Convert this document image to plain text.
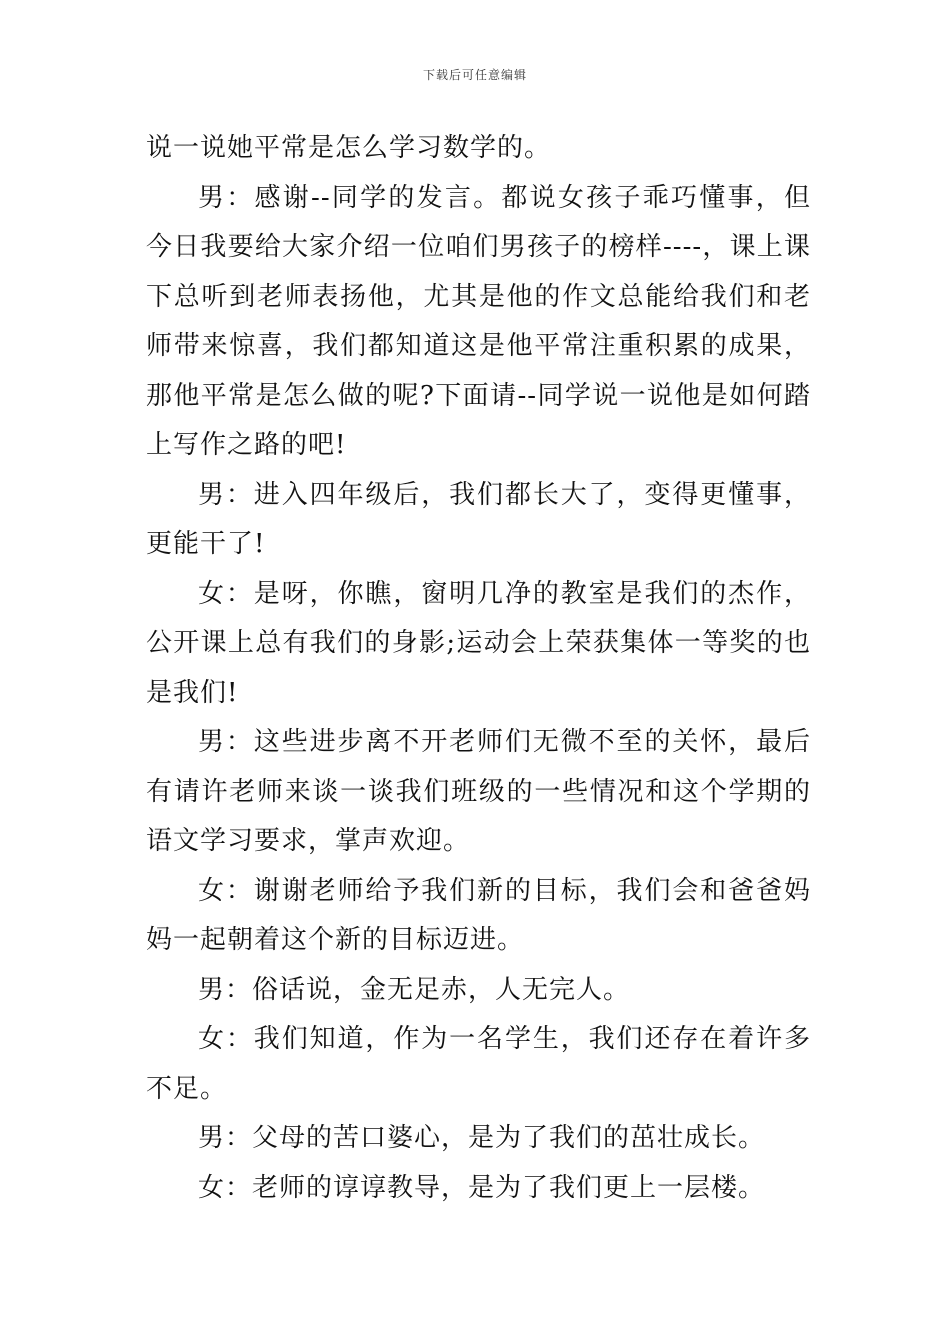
下载后可任意编辑

说一说她平常是怎么学习数学的。

男：感谢--同学的发言。都说女孩子乖巧懂事，但今日我要给大家介绍一位咱们男孩子的榜样----，课上课下总听到老师表扬他，尤其是他的作文总能给我们和老师带来惊喜，我们都知道这是他平常注重积累的成果，那他平常是怎么做的呢?下面请--同学说一说他是如何踏上写作之路的吧!

男：进入四年级后，我们都长大了，变得更懂事，更能干了!

女：是呀，你瞧，窗明几净的教室是我们的杰作，公开课上总有我们的身影;运动会上荣获集体一等奖的也是我们!

男：这些进步离不开老师们无微不至的关怀，最后有请许老师来谈一谈我们班级的一些情况和这个学期的语文学习要求，掌声欢迎。

女：谢谢老师给予我们新的目标，我们会和爸爸妈妈一起朝着这个新的目标迈进。

男：俗话说，金无足赤，人无完人。

女：我们知道，作为一名学生，我们还存在着许多不足。

男：父母的苦口婆心，是为了我们的茁壮成长。

女：老师的谆谆教导，是为了我们更上一层楼。
